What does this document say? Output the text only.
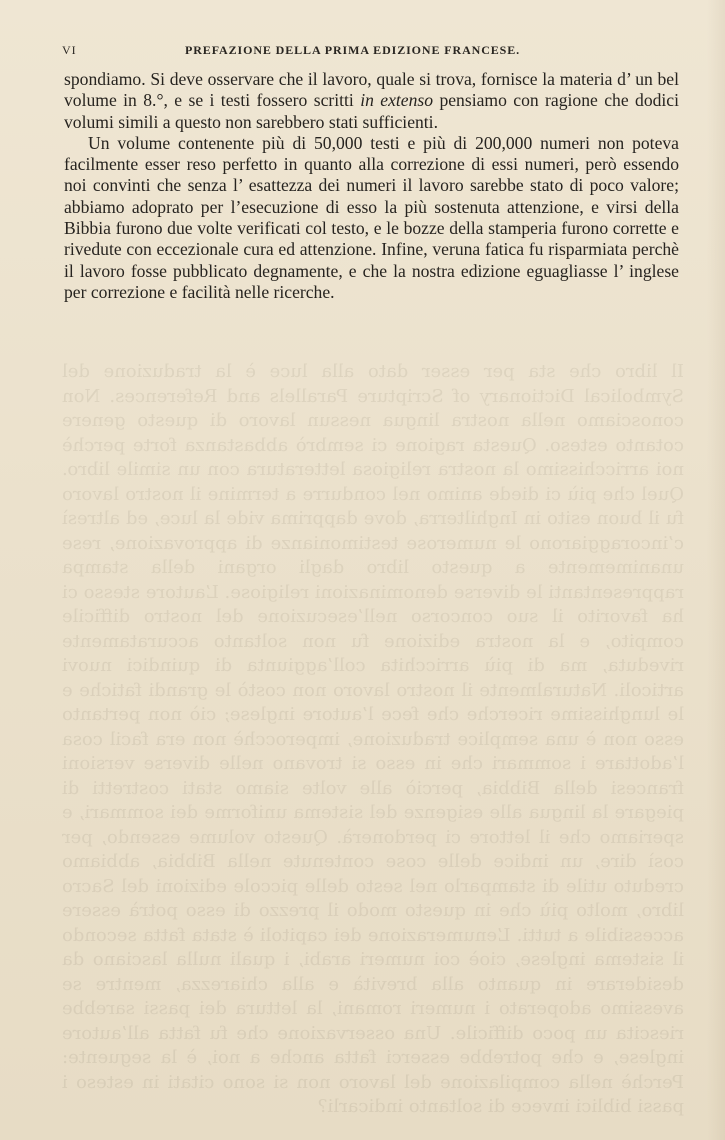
Il libro che sta per esser dato alla luce è la traduzione del Symbolical Dictionary of Scripture Parallels and References. Non conosciamo nella nostra lingua nessun lavoro di questo genere cotanto esteso. Questa ragione ci sembrò abbastanza forte perchè noi arricchissimo la nostra religiosa letteratura con un simile libro. Quel che più ci diede animo nel condurre a termine il nostro lavoro fu il buon esito in Inghilterra, dove dapprima vide la luce, ed altresì c’incoraggiarono le numerose testimonianze di approvazione, rese unanimemente a questo libro dagli organi della stampa rappresentanti le diverse denominazioni religiose. L’autore stesso ci ha favorito il suo concorso nell’esecuzione del nostro difficile compito, e la nostra edizione fu non soltanto accuratamente riveduta, ma di più arricchita coll’aggiunta di quindici nuovi articoli. Naturalmente il nostro lavoro non costò le grandi fatiche e le lunghissime ricerche che fece l’autore inglese; ciò non pertanto esso non è una semplice traduzione, imperocchè non era facil cosa l’adottare i sommari che in esso si trovano nelle diverse versioni francesi della Bibbia, perciò alle volte siamo stati costretti di piegare la lingua alle esigenze del sistema uniforme dei sommari, e speriamo che il lettore ci perdonerà. Questo volume essendo, per così dire, un indice delle cose contenute nella Bibbia, abbiamo creduto utile di stamparlo nel sesto delle piccole edizioni del Sacro libro, molto più che in questo modo il prezzo di esso potrà essere accessibile a tutti. L’enumerazione dei capitoli è stata fatta secondo il sistema inglese, cioè coi numeri arabi, i quali nulla lasciano da desiderare in quanto alla brevità e alla chiarezza, mentre se avessimo adoperato i numeri romani, la lettura dei passi sarebbe riescita un poco difficile. Una osservazione che fu fatta all’autore inglese, e che potrebbe esserci fatta anche a noi, è la seguente: Perchè nella compilazione del lavoro non si sono citati in esteso i passi biblici invece di soltanto indicarli?
VI	PREFAZIONE DELLA PRIMA EDIZIONE FRANCESE.

spondiamo. Si deve osservare che il lavoro, quale si trova, fornisce la materia d’ un bel volume in 8.°, e se i testi fossero scritti in extenso pensiamo con ragione che dodici volumi simili a questo non sarebbero stati sufficienti.

Un volume contenente più di 50,000 testi e più di 200,000 numeri non poteva facilmente esser reso perfetto in quanto alla correzione di essi numeri, però essendo noi convinti che senza l’ esattezza dei numeri il lavoro sarebbe stato di poco valore; abbiamo adoprato per l’esecuzione di esso la più sostenuta attenzione, e virsi della Bibbia furono due volte verificati col testo, e le bozze della stamperia furono corrette e rivedute con eccezionale cura ed attenzione. Infine, veruna fatica fu risparmiata perchè il lavoro fosse pubblicato degnamente, e che la nostra edizione eguagliasse l’ inglese per correzione e facilità nelle ricerche.
